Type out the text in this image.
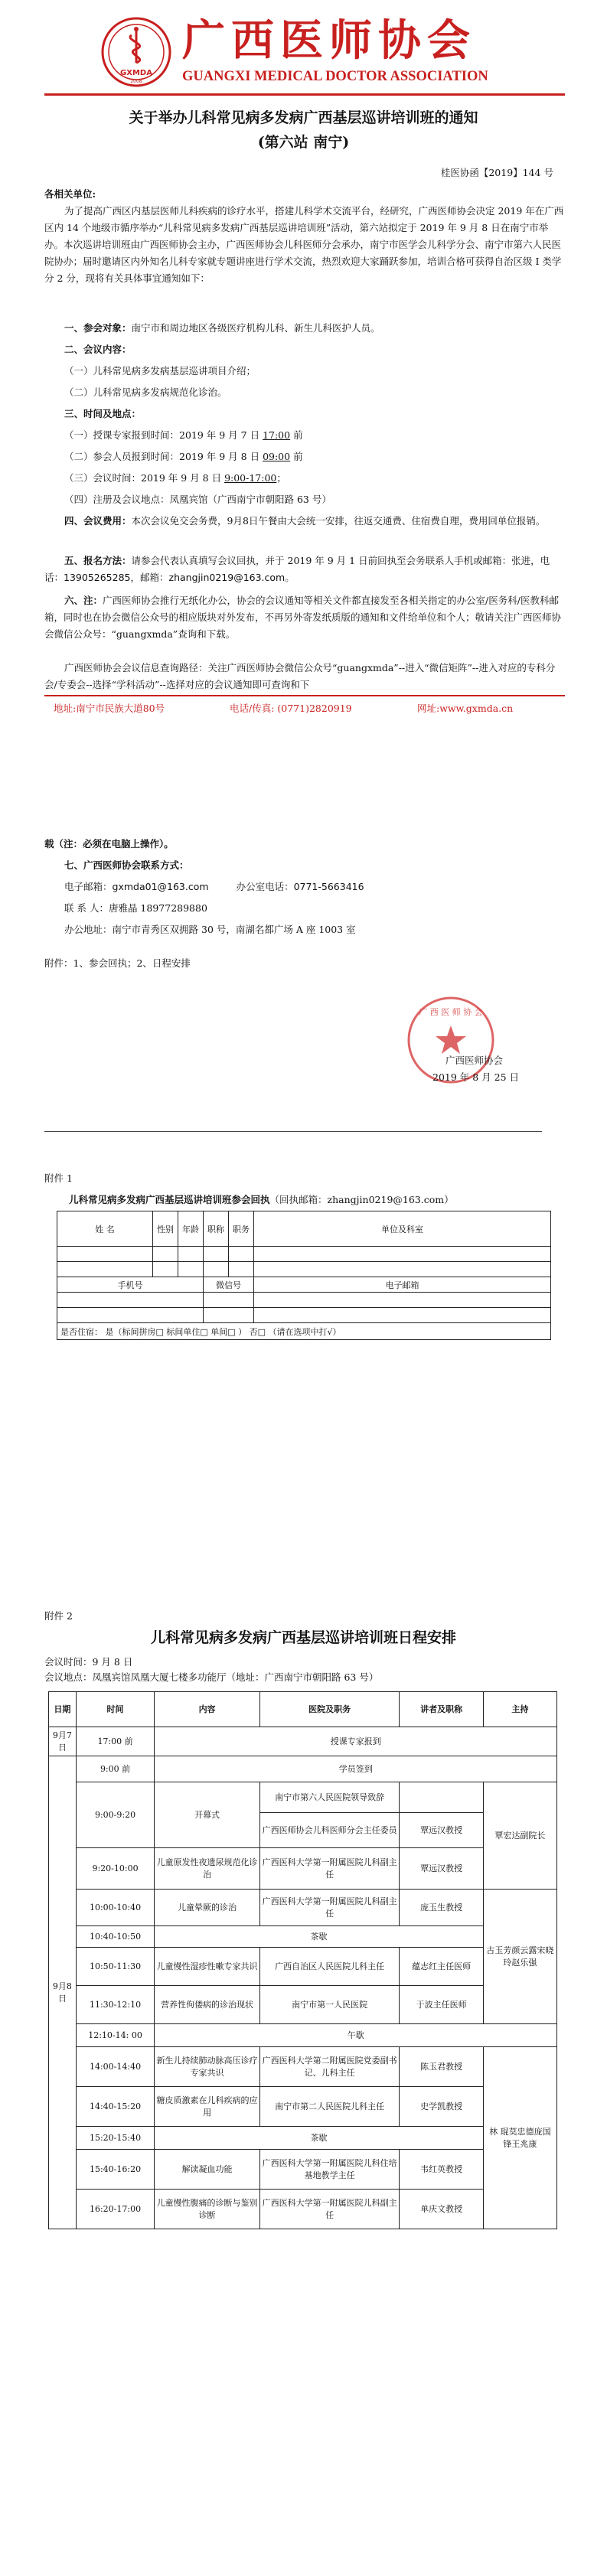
GXMDA
2008
广西医师协会
GUANGXI MEDICAL DOCTOR ASSOCIATION
关于举办儿科常见病多发病广西基层巡讲培训班的通知
(第六站 南宁)
桂医协函【2019】144 号
各相关单位:
为了提高广西区内基层医师儿科疾病的诊疗水平，搭建儿科学术交流平台，经研究，广西医师协会决定 2019 年在广西区内 14 个地级市循序举办“儿科常见病多发病广西基层巡讲培训班”活动，第六站拟定于 2019 年 9 月 8 日在南宁市举办。本次巡讲培训班由广西医师协会主办，广西医师协会儿科医师分会承办，南宁市医学会儿科学分会、南宁市第六人民医院协办；届时邀请区内外知名儿科专家就专题讲座进行学术交流，热烈欢迎大家踊跃参加，培训合格可获得自治区级 Ⅰ 类学分 2 分，现将有关具体事宜通知如下：
一、参会对象：南宁市和周边地区各级医疗机构儿科、新生儿科医护人员。
二、会议内容：
（一）儿科常见病多发病基层巡讲项目介绍；
（二）儿科常见病多发病规范化诊治。
三、时间及地点：
（一）授课专家报到时间：2019 年 9 月 7 日 17:00 前
（二）参会人员报到时间：2019 年 9 月 8 日 09:00 前
（三）会议时间：2019 年 9 月 8 日 9:00-17:00；
（四）注册及会议地点：凤凰宾馆（广西南宁市朝阳路 63 号）
四、会议费用：本次会议免交会务费，9月8日午餐由大会统一安排，往返交通费、住宿费自理，费用回单位报销。
五、报名方法：请参会代表认真填写会议回执，并于 2019 年 9 月 1 日前回执至会务联系人手机或邮箱：张进，电话：13905265285，邮箱：zhangjin0219@163.com。
六、注：广西医师协会推行无纸化办公，协会的会议通知等相关文件都直接发至各相关指定的办公室/医务科/医教科邮箱，同时也在协会微信公众号的相应版块对外发布，不再另外寄发纸质版的通知和文件给单位和个人；敬请关注广西医师协会微信公众号：“guangxmda”查询和下载。
广西医师协会会议信息查询路径：关注广西医师协会微信公众号“guangxmda”--进入“微信矩阵”--进入对应的专科分会/专委会--选择“学科活动”--选择对应的会议通知即可查询和下
地址:南宁市民族大道80号	电话/传真: (0771)2820919	网址:www.gxmda.cn
载（注：必须在电脑上操作）。
七、广西医师协会联系方式：
电子邮箱：gxmda01@163.com	办公室电话：0771-5663416
联 系 人：唐雅晶 18977289880
办公地址：南宁市青秀区双拥路 30 号，南湖名都广场 A 座 1003 室
附件：1、参会回执；2、日程安排
广 西 医 师 协 会
广西医师协会
2019 年 8 月 25 日
附件 1
儿科常见病多发病广西基层巡讲培训班参会回执（回执邮箱：zhangjin0219@163.com）
姓 名	性别	年龄	职称	职务	单位及科室

手机号			微信号		电子邮箱

是否住宿： 是（标间拼房□ 标间单住□ 单间□ ） 否□ （请在选项中打√）					
附件 2
儿科常见病多发病广西基层巡讲培训班日程安排
会议时间：9 月 8 日
会议地点：凤凰宾馆凤凰大厦七楼多功能厅（地址：广西南宁市朝阳路 63 号）
日期	时间	内容	医院及职务	讲者及职称	主持
9月7日	17:00 前	授课专家报到			
9月8日	9:00 前	学员签到			
	9:00-9:20	开幕式	南宁市第六人民医院领导致辞		覃宏达副院长
			广西医师协会儿科医师分会主任委员	覃远汉教授	
	9:20-10:00	儿童原发性夜遗尿规范化诊治	广西医科大学第一附属医院儿科副主任	覃远汉教授	
	10:00-10:40	儿童晕厥的诊治	广西医科大学第一附属医院儿科副主任	庞玉生教授	古玉芳颜云露宋晓玲赵乐强
	10:40-10:50	茶歇			
	10:50-11:30	儿童慢性湿疹性嗽专家共识	广西自治区人民医院儿科主任	蕴志红主任医师	
	11:30-12:10	营养性佝偻病的诊治现状	南宁市第一人民医院	于波主任医师	
	12:10-14: 00	午歇			
	14:00-14:40	新生儿持续肺动脉高压诊疗专家共识	广西医科大学第二附属医院党委副书记、儿科主任	陈玉君教授	林 琨莫忠德庞国锋王兆康
	14:40-15:20	糖皮质激素在儿科疾病的应用	南宁市第二人民医院儿科主任	史学凯教授	
	15:20-15:40	茶歇			
	15:40-16:20	解读凝血功能	广西医科大学第一附属医院儿科住培基地教学主任	韦红英教授	
	16:20-17:00	儿童慢性腹痛的诊断与鉴别诊断	广西医科大学第一附属医院儿科副主任	单庆文教授	
